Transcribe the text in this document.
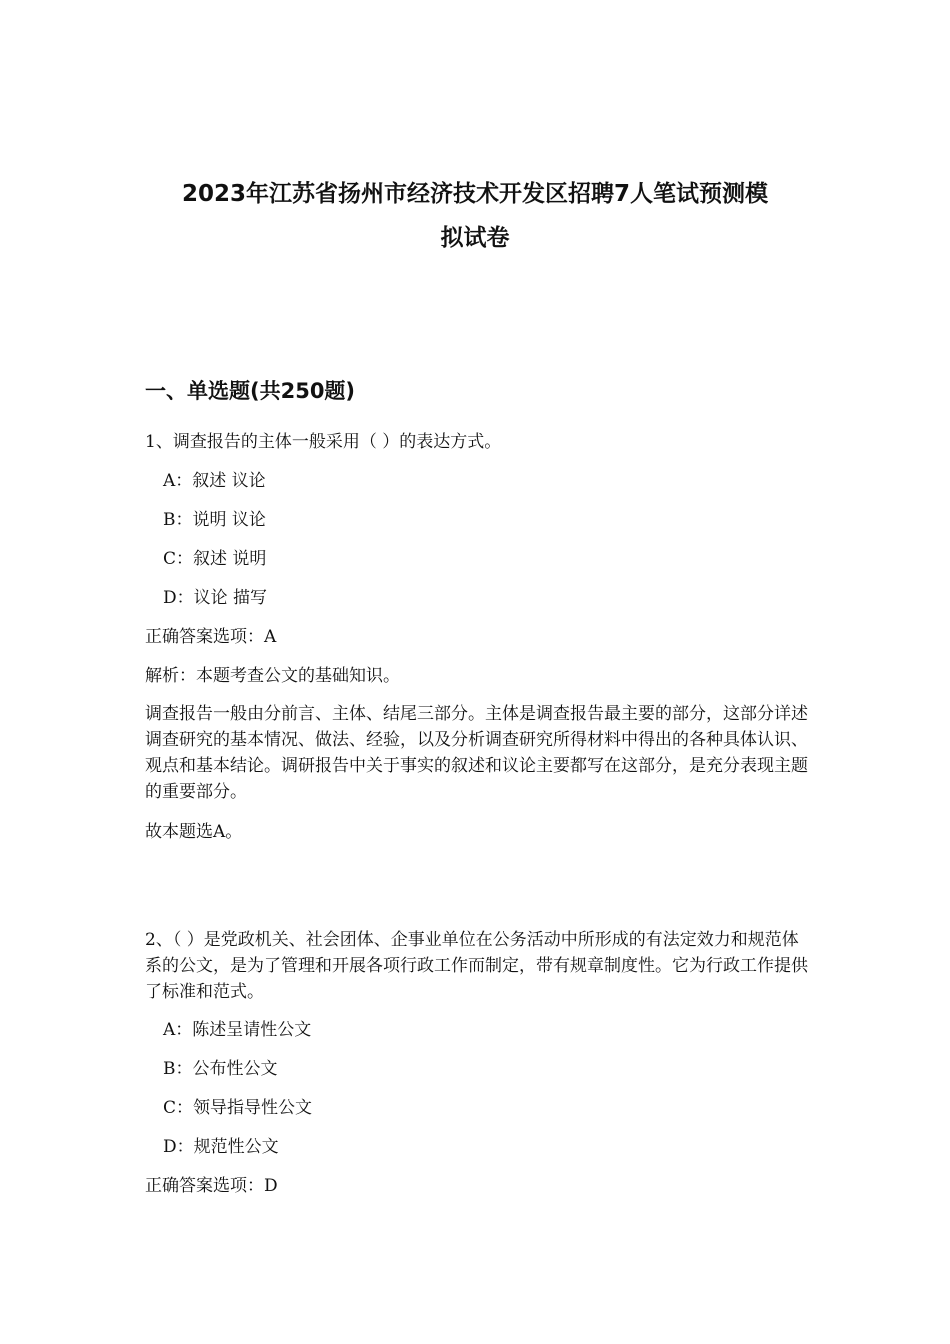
2023年江苏省扬州市经济技术开发区招聘7人笔试预测模
拟试卷
一、单选题(共250题)
1、调查报告的主体一般采用（ ）的表达方式。
A：叙述 议论
B：说明 议论
C：叙述 说明
D：议论 描写
正确答案选项：A
解析：本题考查公文的基础知识。
调查报告一般由分前言、主体、结尾三部分。主体是调查报告最主要的部分，这部分详述调查研究的基本情况、做法、经验，以及分析调查研究所得材料中得出的各种具体认识、观点和基本结论。调研报告中关于事实的叙述和议论主要都写在这部分，是充分表现主题的重要部分。
故本题选A。
2、（ ）是党政机关、社会团体、企事业单位在公务活动中所形成的有法定效力和规范体系的公文，是为了管理和开展各项行政工作而制定，带有规章制度性。它为行政工作提供了标准和范式。
A：陈述呈请性公文
B：公布性公文
C：领导指导性公文
D：规范性公文
正确答案选项：D
